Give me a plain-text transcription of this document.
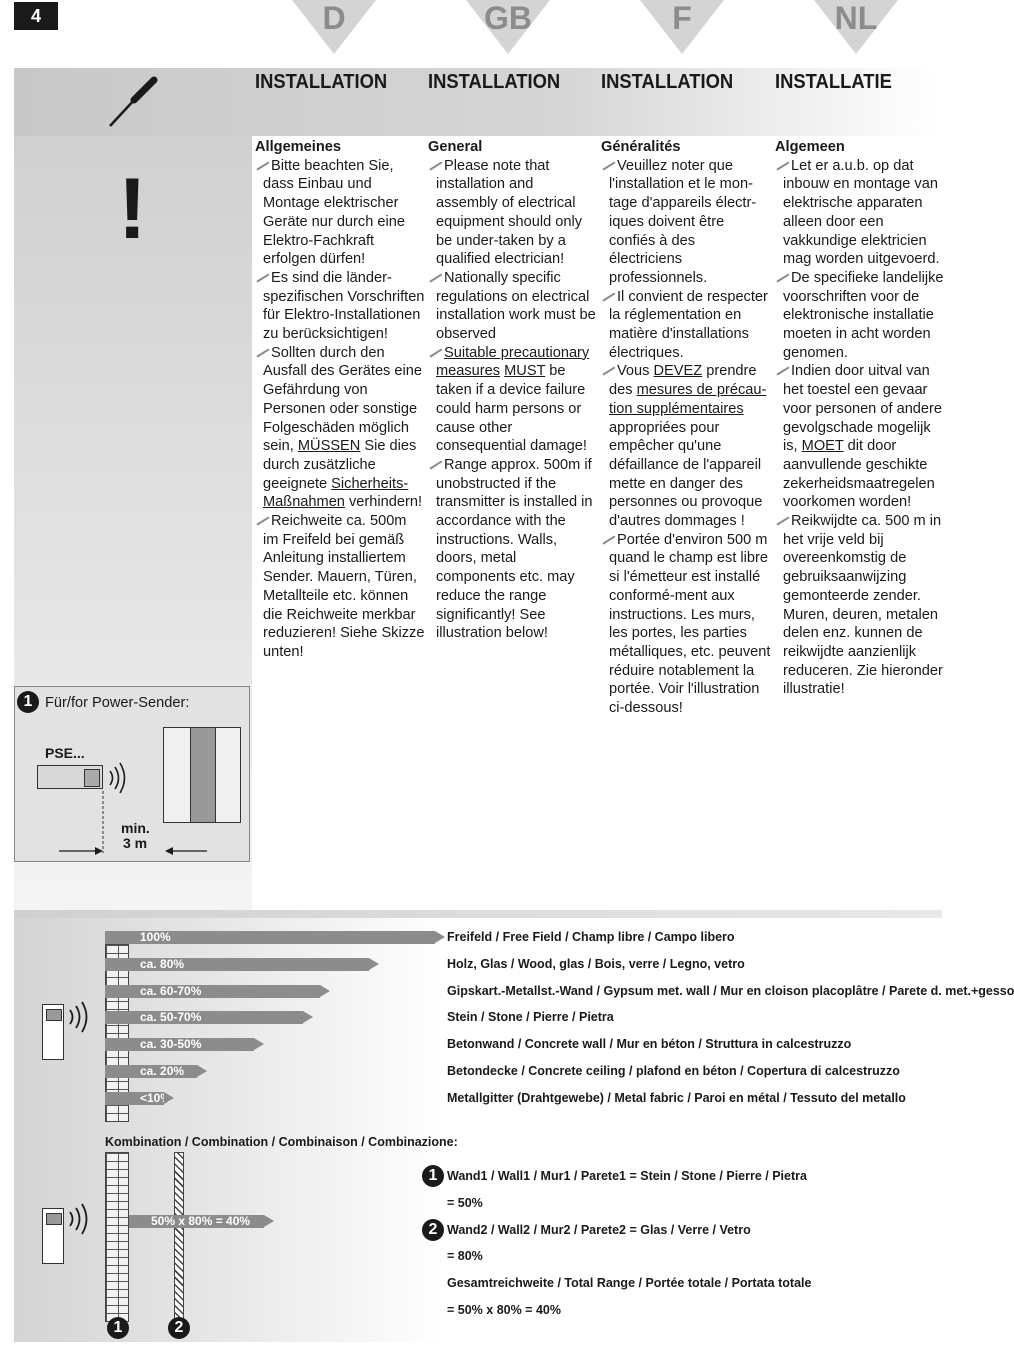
4	D	GB	F	NL
INSTALLATION INSTALLATION INSTALLATION INSTALLATIE
!
Allgemeines

Bitte beachten Sie, dass Einbau und Montage elektrischer Geräte nur durch eine Elektro-Fachkraft erfolgen dürfen!

Es sind die länder-spezifischen Vorschriften für Elektro-Installationen zu berücksichtigen!

Sollten durch den Ausfall des Gerätes eine Gefährdung von Personen oder sonstige Folgeschäden möglich sein, MÜSSEN Sie dies durch zusätzliche geeignete Sicherheits-Maßnahmen verhindern!

Reichweite ca. 500m im Freifeld bei gemäß Anleitung installiertem Sender. Mauern, Türen, Metallteile etc. können die Reichweite merkbar reduzieren! Siehe Skizze unten!

General

Please note that installation and assembly of electrical equipment should only be under-taken by a qualified electrician!

Nationally specific regulations on electrical installation work must be observed

Suitable precautionary measures MUST be taken if a device failure could harm persons or cause other consequential damage!

Range approx. 500m if unobstructed if the transmitter is installed in accordance with the instructions. Walls, doors, metal components etc. may reduce the range significantly! See illustration below!

Généralités

Veuillez noter que l'installation et le mon-tage d'appareils électr-iques doivent être confiés à des électriciens professionnels.

Il convient de respecter la réglementation en matière d'installations électriques.

Vous DEVEZ prendre des mesures de précau-tion supplémentaires appropriées pour empêcher qu'une défaillance de l'appareil mette en danger des personnes ou provoque d'autres dommages !

Portée d'environ 500 m quand le champ est libre si l'émetteur est installé conformé-ment aux instructions. Les murs, les portes, les parties métalliques, etc. peuvent réduire notablement la portée. Voir l'illustration ci-dessous!

Algemeen

Let er a.u.b. op dat inbouw en montage van elektrische apparaten alleen door een vakkundige elektricien mag worden uitgevoerd.

De specifieke landelijke voorschriften voor de elektronische installatie moeten in acht worden genomen.

Indien door uitval van het toestel een gevaar voor personen of andere gevolgschade mogelijk is, MOET dit door aanvullende geschikte zekerheidsmaatregelen voorkomen worden!

Reikwijdte ca. 500 m in het vrije veld bij overeenkomstig de gebruiksaanwijzing gemonteerde zender. Muren, deuren, metalen delen enz. kunnen de reikwijdte aanzienlijk reduceren. Zie hieronder illustratie!

1 Für/for Power-Sender:
PSE...
min.
3 m
100%	Freifeld / Free Field / Champ libre / Campo libero
ca. 80%	Holz, Glas / Wood, glas / Bois, verre / Legno, vetro
ca. 60-70%	Gipskart.-Metallst.-Wand / Gypsum met. wall / Mur en cloison placoplâtre / Parete d. met.+gesso
ca. 50-70%	Stein / Stone / Pierre / Pietra
ca. 30-50%	Betonwand / Concrete wall / Mur en béton / Struttura in calcestruzzo
ca. 20%	Betondecke / Concrete ceiling / plafond en béton / Copertura di calcestruzzo
<10%	Metallgitter (Drahtgewebe) / Metal fabric / Paroi en métal / Tessuto del metallo
Kombination / Combination / Combinaison / Combinazione:
50% x 80% = 40%
1	2
1 Wand1 / Wall1 / Mur1 / Parete1 = Stein / Stone / Pierre / Pietra
= 50%
2 Wand2 / Wall2 / Mur2 / Parete2 = Glas / Verre / Vetro
= 80%
Gesamtreichweite / Total Range / Portée totale / Portata totale
= 50% x 80% = 40%
